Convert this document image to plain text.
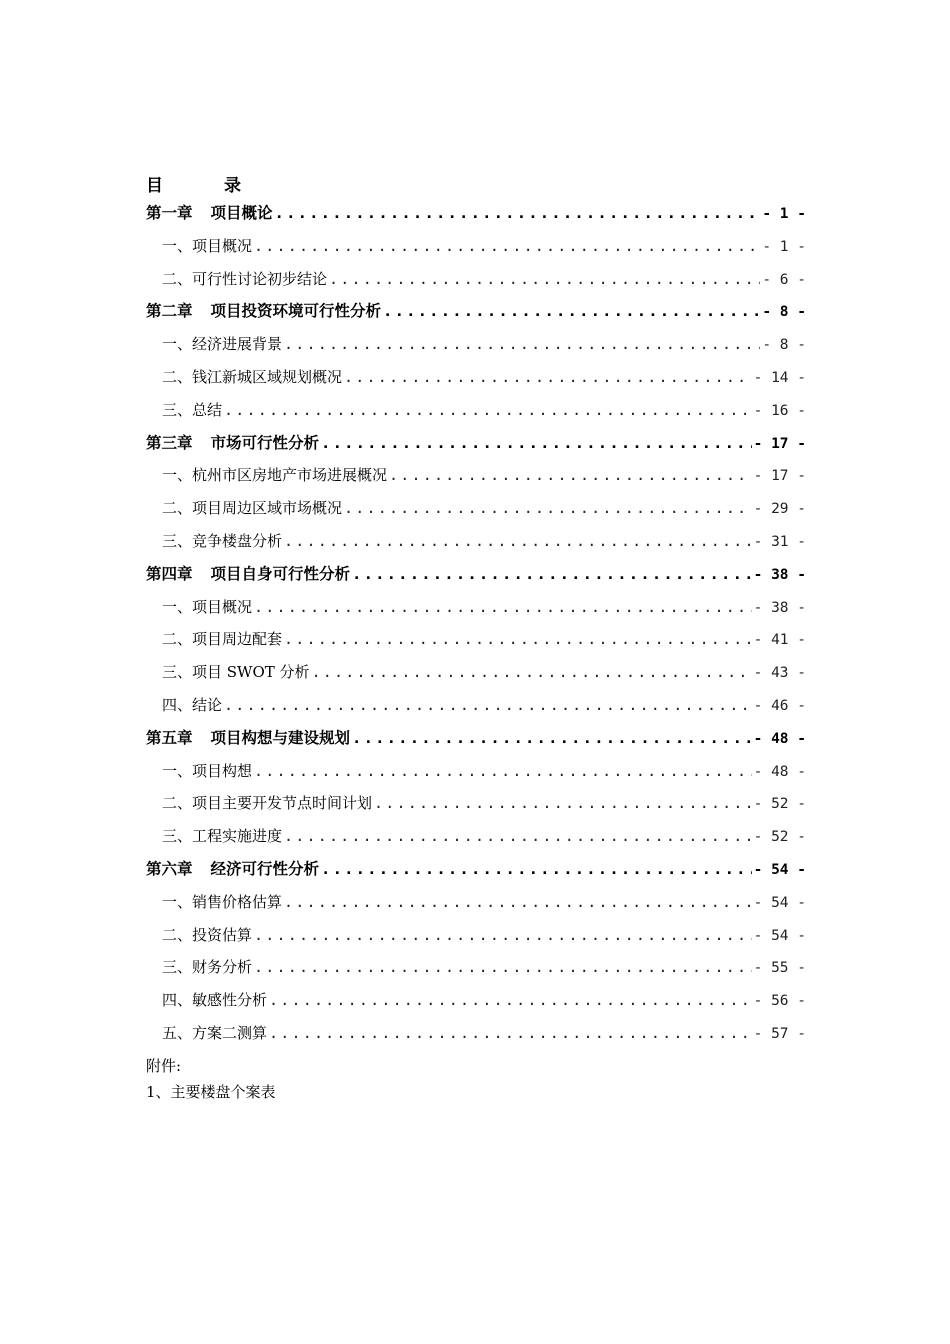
目　录
第一章 项目概论 .....	- 1 -
一、项目概况 .....	- 1 -
二、可行性讨论初步结论 .....	- 6 -
第二章 项目投资环境可行性分析 .....	- 8 -
一、经济进展背景 .....	- 8 -
二、钱江新城区域规划概况 .....	- 14 -
三、总结 .....	- 16 -
第三章 市场可行性分析 .....	- 17 -
一、杭州市区房地产市场进展概况 .....	- 17 -
二、项目周边区域市场概况 .....	- 29 -
三、竞争楼盘分析 .....	- 31 -
第四章 项目自身可行性分析 .....	- 38 -
一、项目概况 .....	- 38 -
二、项目周边配套 .....	- 41 -
三、项目 SWOT 分析 .....	- 43 -
四、结论 .....	- 46 -
第五章 项目构想与建设规划 .....	- 48 -
一、项目构想 .....	- 48 -
二、项目主要开发节点时间计划 .....	- 52 -
三、工程实施进度 .....	- 52 -
第六章 经济可行性分析 .....	- 54 -
一、销售价格估算 .....	- 54 -
二、投资估算 .....	- 54 -
三、财务分析 .....	- 55 -
四、敏感性分析 .....	- 56 -
五、方案二测算 .....	- 57 -
附件:
1、主要楼盘个案表
